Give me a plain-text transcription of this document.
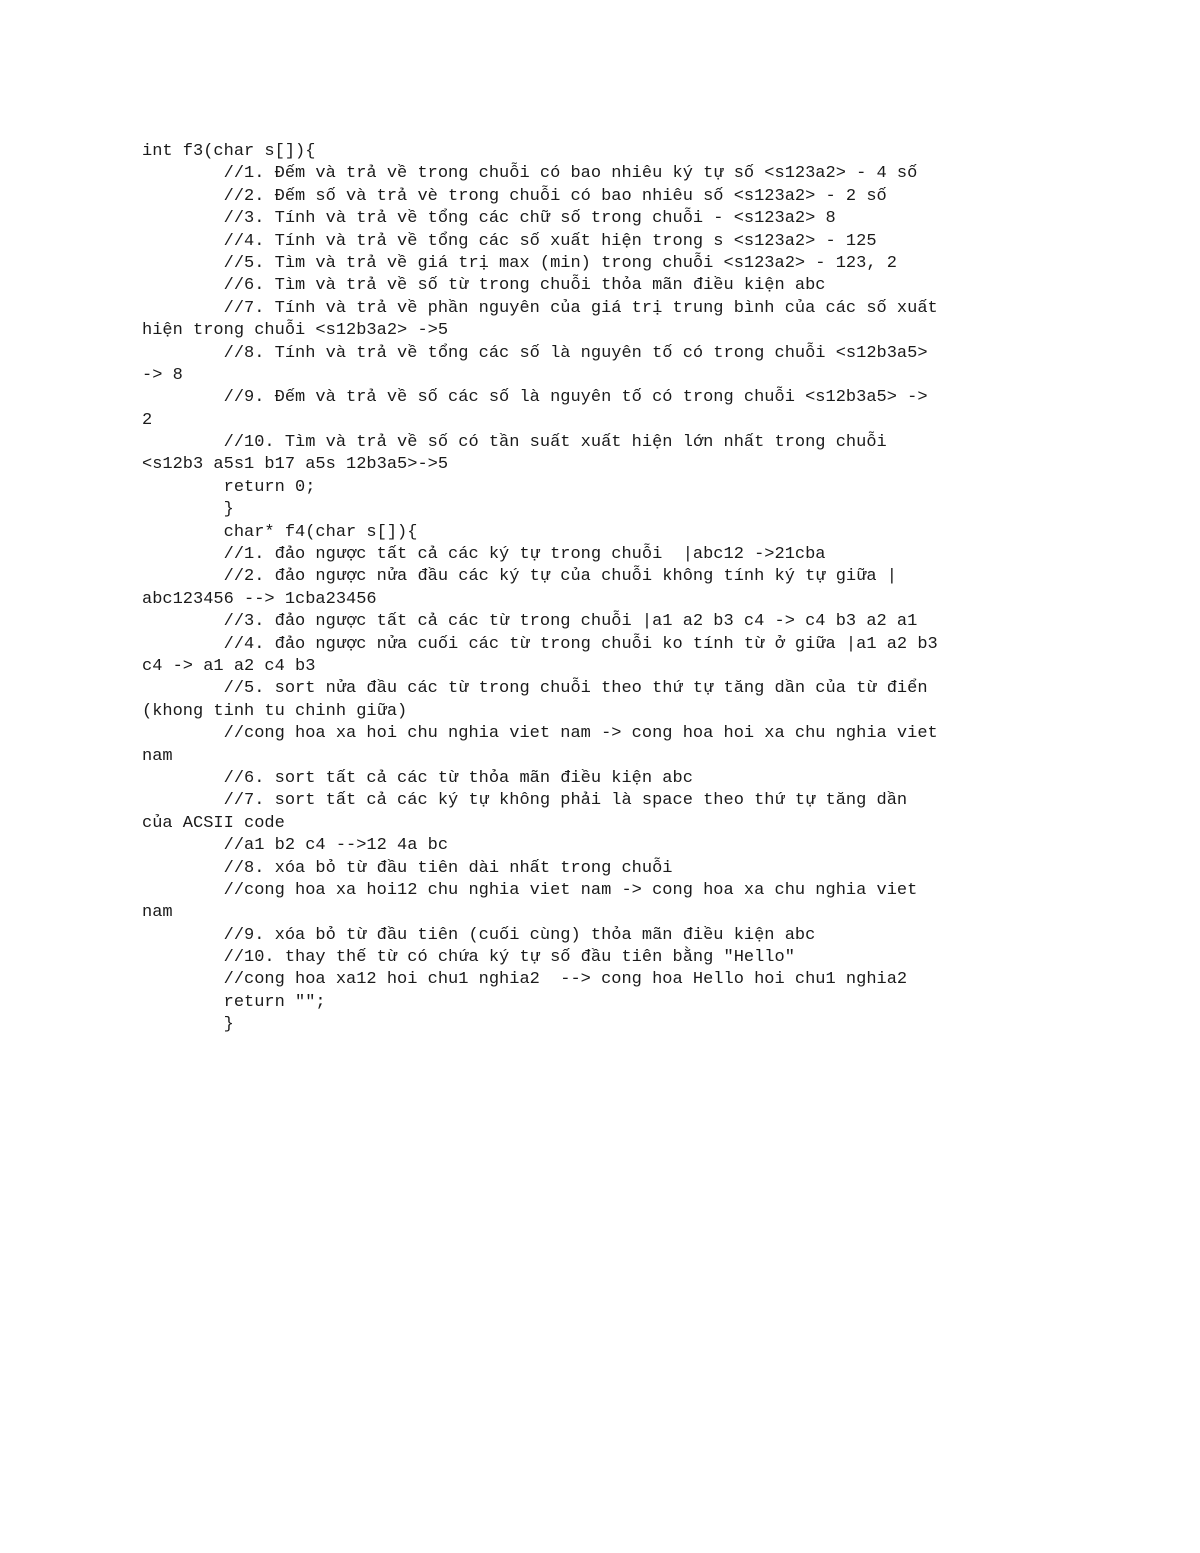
int f3(char s[]){
//1. Đếm và trả về trong chuỗi có bao nhiêu ký tự số <s123a2> - 4 số
//2. Đếm số và trả vè trong chuỗi có bao nhiêu số <s123a2> - 2 số
//3. Tính và trả về tổng các chữ số trong chuỗi - <s123a2> 8
//4. Tính và trả về tổng các số xuất hiện trong s <s123a2> - 125
//5. Tìm và trả về giá trị max (min) trong chuỗi <s123a2> - 123, 2
//6. Tìm và trả về số từ trong chuỗi thỏa mãn điều kiện abc
//7. Tính và trả về phần nguyên của giá trị trung bình của các số xuất
hiện trong chuỗi <s12b3a2> ->5
//8. Tính và trả về tổng các số là nguyên tố có trong chuỗi <s12b3a5>
-> 8
//9. Đếm và trả về số các số là nguyên tố có trong chuỗi <s12b3a5> ->
2
//10. Tìm và trả về số có tần suất xuất hiện lớn nhất trong chuỗi
<s12b3 a5s1 b17 a5s 12b3a5>->5
return 0;
}
char* f4(char s[]){
//1. đảo ngược tất cả các ký tự trong chuỗi  |abc12 ->21cba
//2. đảo ngược nửa đầu các ký tự của chuỗi không tính ký tự giữa |
abc123456 --> 1cba23456
//3. đảo ngược tất cả các từ trong chuỗi |a1 a2 b3 c4 -> c4 b3 a2 a1
//4. đảo ngược nửa cuối các từ trong chuỗi ko tính từ ở giữa |a1 a2 b3
c4 -> a1 a2 c4 b3
//5. sort nửa đầu các từ trong chuỗi theo thứ tự tăng dần của từ điển
(khong tinh tu chinh giữa)
//cong hoa xa hoi chu nghia viet nam -> cong hoa hoi xa chu nghia viet
nam
//6. sort tất cả các từ thỏa mãn điều kiện abc
//7. sort tất cả các ký tự không phải là space theo thứ tự tăng dần
của ACSII code
//a1 b2 c4 -->12 4a bc
//8. xóa bỏ từ đầu tiên dài nhất trong chuỗi
//cong hoa xa hoi12 chu nghia viet nam -> cong hoa xa chu nghia viet
nam
//9. xóa bỏ từ đầu tiên (cuối cùng) thỏa mãn điều kiện abc
//10. thay thế từ có chứa ký tự số đầu tiên bằng "Hello"
//cong hoa xa12 hoi chu1 nghia2  --> cong hoa Hello hoi chu1 nghia2
return "";
}
